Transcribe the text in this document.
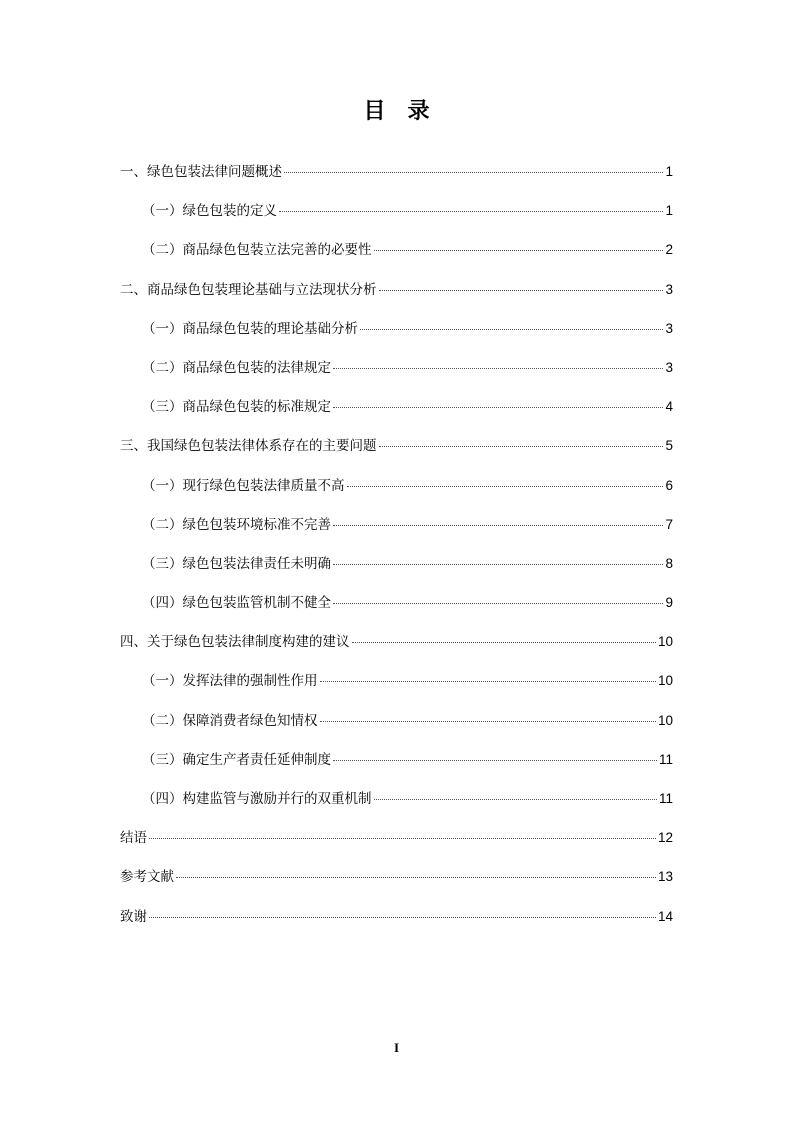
目录
一、绿色包装法律问题概述	1
（一）绿色包装的定义	1
（二）商品绿色包装立法完善的必要性	2
二、商品绿色包装理论基础与立法现状分析	3
（一）商品绿色包装的理论基础分析	3
（二）商品绿色包装的法律规定	3
（三）商品绿色包装的标准规定	4
三、我国绿色包装法律体系存在的主要问题	5
（一）现行绿色包装法律质量不高	6
（二）绿色包装环境标准不完善	7
（三）绿色包装法律责任未明确	8
（四）绿色包装监管机制不健全	9
四、关于绿色包装法律制度构建的建议	10
（一）发挥法律的强制性作用	10
（二）保障消费者绿色知情权	10
（三）确定生产者责任延伸制度	11
（四）构建监管与激励并行的双重机制	11
结语	12
参考文献	13
致谢	14
I
